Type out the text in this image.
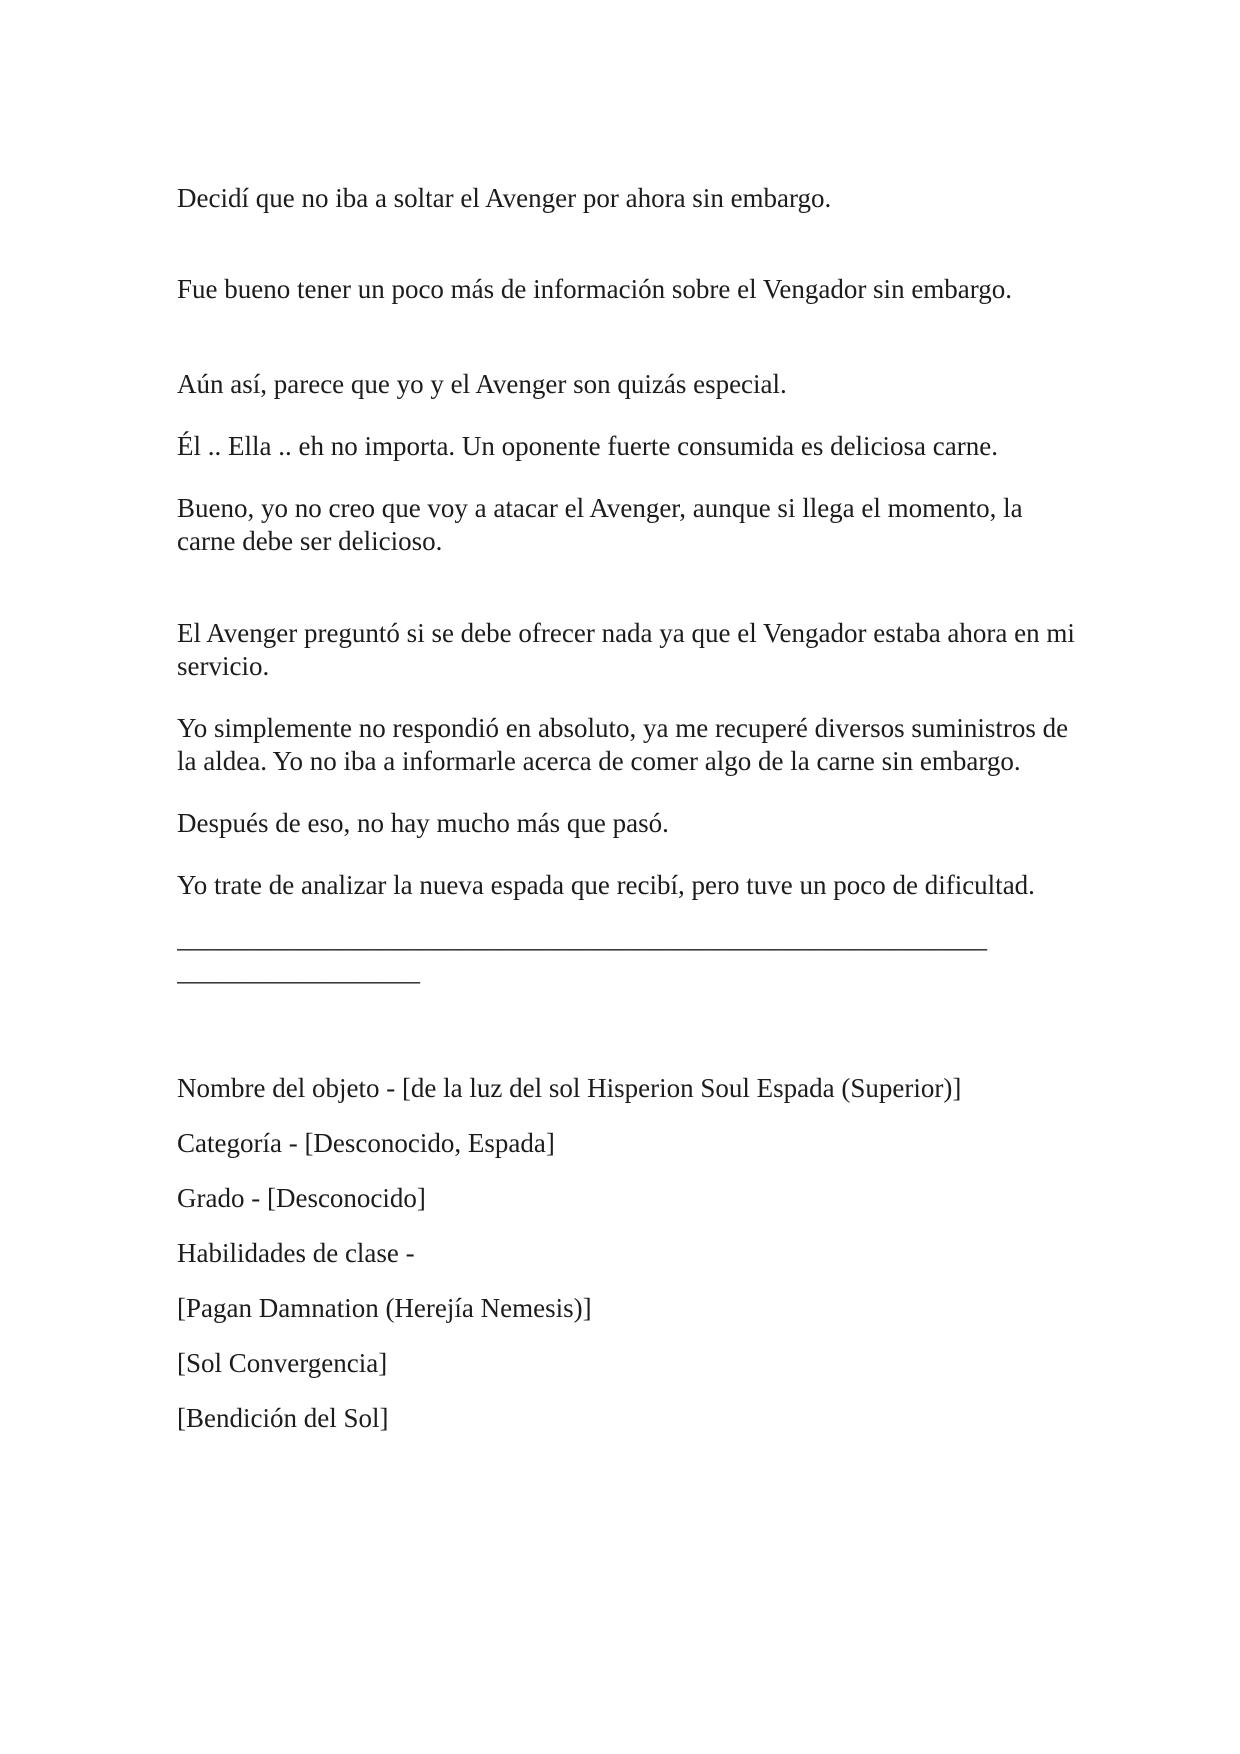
Decidí que no iba a soltar el Avenger por ahora sin embargo.

Fue bueno tener un poco más de información sobre el Vengador sin embargo.

Aún así, parece que yo y el Avenger son quizás especial.

Él .. Ella .. eh no importa. Un oponente fuerte consumida es deliciosa carne.

Bueno, yo no creo que voy a atacar el Avenger, aunque si llega el momento, la carne debe ser delicioso.

El Avenger preguntó si se debe ofrecer nada ya que el Vengador estaba ahora en mi servicio.

Yo simplemente no respondió en absoluto, ya me recuperé diversos suministros de la aldea. Yo no iba a informarle acerca de comer algo de la carne sin embargo.

Después de eso, no hay mucho más que pasó.

Yo trate de analizar la nueva espada que recibí, pero tuve un poco de dificultad.

____________________________________________________________
__________________

Nombre del objeto - [de la luz del sol Hisperion Soul Espada (Superior)]

Categoría - [Desconocido, Espada]

Grado - [Desconocido]

Habilidades de clase -

[Pagan Damnation (Herejía Nemesis)]

[Sol Convergencia]

[Bendición del Sol]
